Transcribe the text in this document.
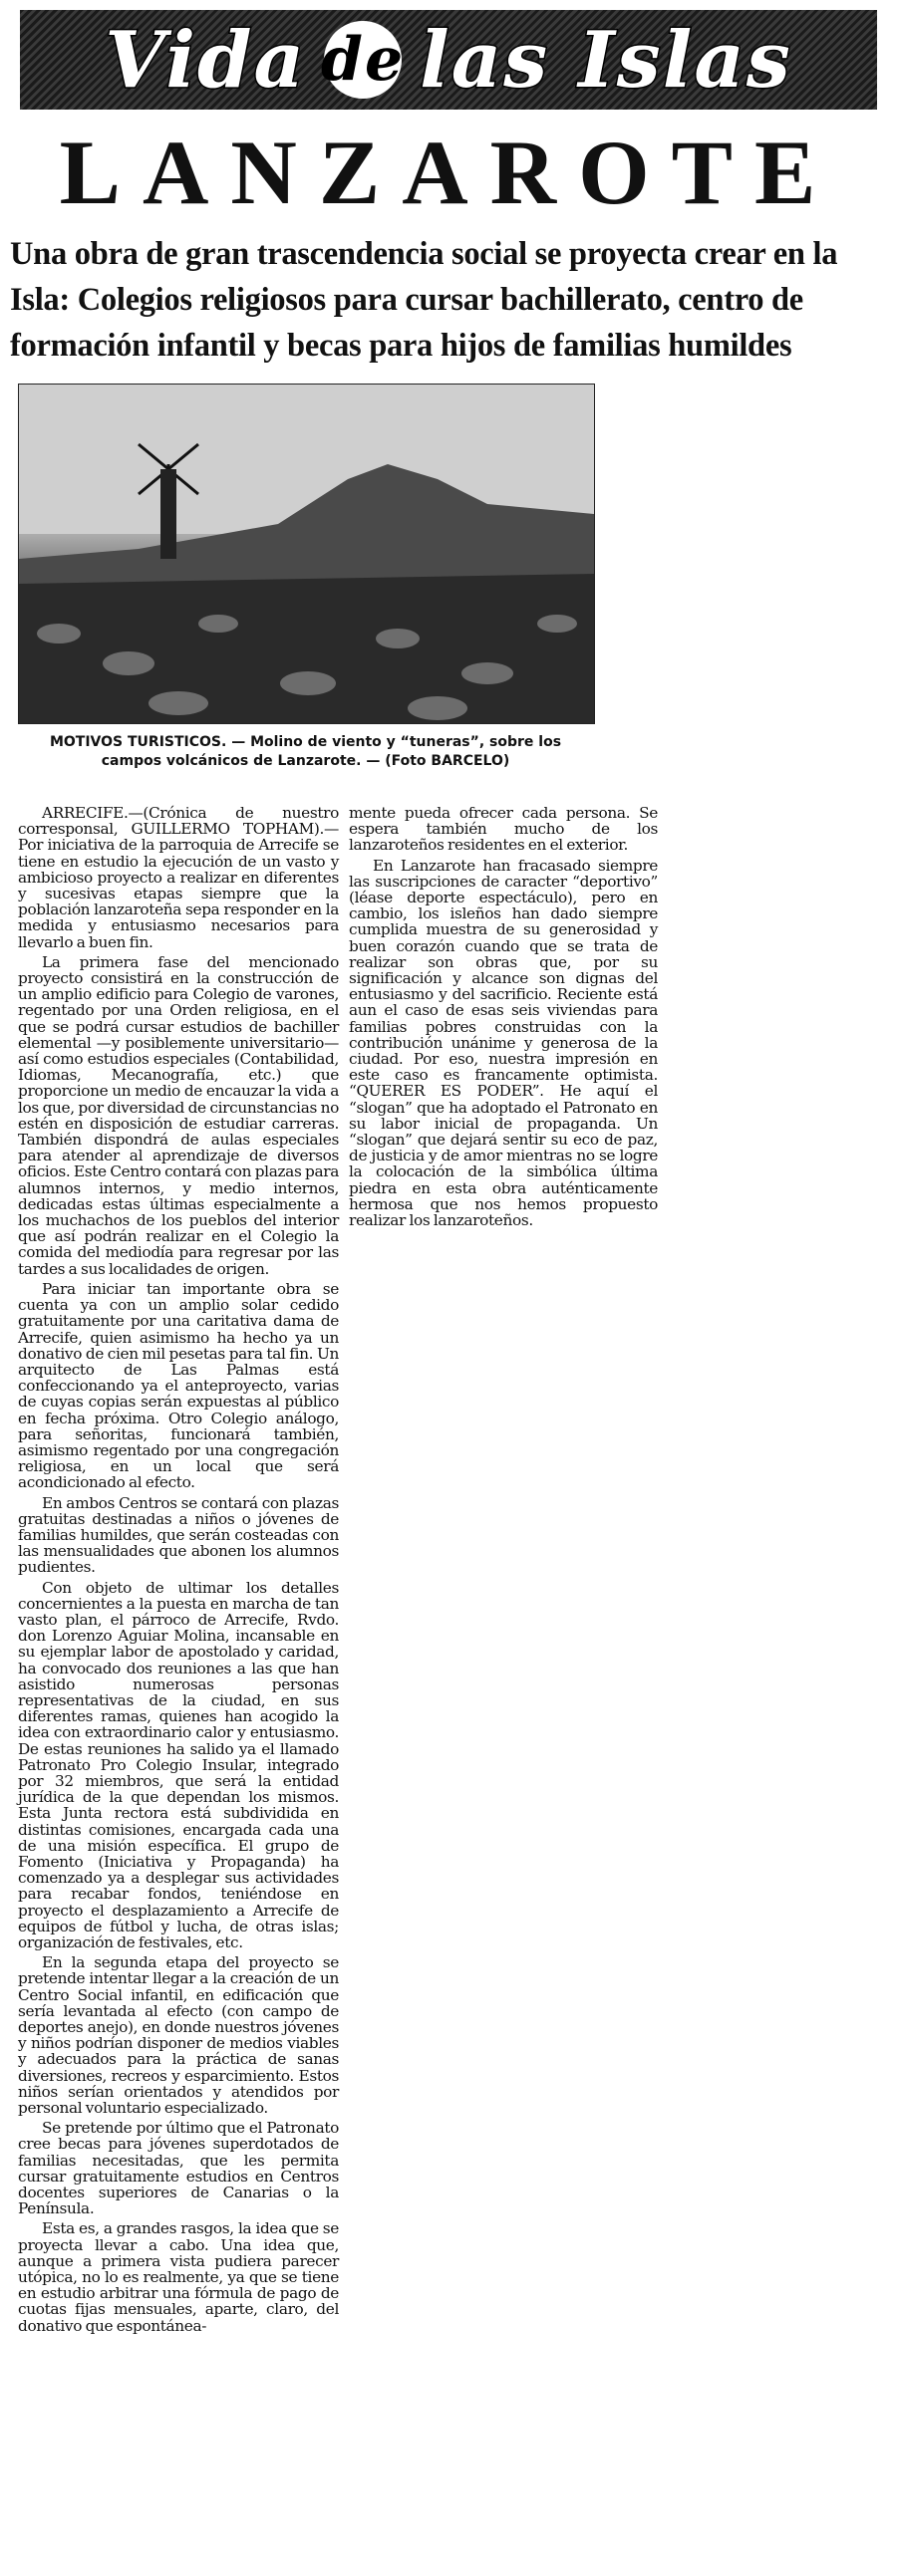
Vida de las Islas
LANZAROTE
Una obra de gran trascendencia social se proyecta crear en la Isla: Colegios religiosos para cursar bachillerato, centro de formación infantil y becas para hijos de familias humildes

MOTIVOS TURISTICOS. — Molino de viento y “tuneras”, sobre los campos volcánicos de Lanzarote. — (Foto BARCELO)

ARRECIFE.—(Crónica de nuestro corresponsal, GUILLERMO TOPHAM).—Por iniciativa de la parroquia de Arrecife se tiene en estudio la ejecución de un vasto y ambicioso proyecto a realizar en diferentes y sucesivas etapas siempre que la población lanzaroteña sepa responder en la medida y entusiasmo necesarios para llevarlo a buen fin.

La primera fase del mencionado proyecto consistirá en la construcción de un amplio edificio para Colegio de varones, regentado por una Orden religiosa, en el que se podrá cursar estudios de bachiller elemental —y posiblemente universitario— así como estudios especiales (Contabilidad, Idiomas, Mecanografía, etc.) que proporcione un medio de encauzar la vida a los que, por diversidad de circunstancias no estén en disposición de estudiar carreras. También dispondrá de aulas especiales para atender al aprendizaje de diversos oficios. Este Centro contará con plazas para alumnos internos, y medio internos, dedicadas estas últimas especialmente a los muchachos de los pueblos del interior que así podrán realizar en el Colegio la comida del mediodía para regresar por las tardes a sus localidades de origen.

Para iniciar tan importante obra se cuenta ya con un amplio solar cedido gratuitamente por una caritativa dama de Arrecife, quien asimismo ha hecho ya un donativo de cien mil pesetas para tal fin. Un arquitecto de Las Palmas está confeccionando ya el anteproyecto, varias de cuyas copias serán expuestas al público en fecha próxima. Otro Colegio análogo, para señoritas, funcionará también, asimismo regentado por una congregación religiosa, en un local que será acondicionado al efecto.

En ambos Centros se contará con plazas gratuitas destinadas a niños o jóvenes de familias humildes, que serán costeadas con las mensualidades que abonen los alumnos pudientes.

Con objeto de ultimar los detalles concernientes a la puesta en marcha de tan vasto plan, el párroco de Arrecife, Rvdo. don Lorenzo Aguiar Molina, incansable en su ejemplar labor de apostolado y caridad, ha convocado dos reuniones a las que han asistido numerosas personas representativas de la ciudad, en sus diferentes ramas, quienes han acogido la idea con extraordinario calor y entusiasmo. De estas reuniones ha salido ya el llamado Patronato Pro Colegio Insular, integrado por 32 miembros, que será la entidad jurídica de la que dependan los mismos. Esta Junta rectora está subdividida en distintas comisiones, encargada cada una de una misión específica. El grupo de Fomento (Iniciativa y Propaganda) ha comenzado ya a desplegar sus actividades para recabar fondos, teniéndose en proyecto el desplazamiento a Arrecife de equipos de fútbol y lucha, de otras islas; organización de festivales, etc.

En la segunda etapa del proyecto se pretende intentar llegar a la creación de un Centro Social infantil, en edificación que sería levantada al efecto (con campo de deportes anejo), en donde nuestros jóvenes y niños podrían disponer de medios viables y adecuados para la práctica de sanas diversiones, recreos y esparcimiento. Estos niños serían orientados y atendidos por personal voluntario especializado.

Se pretende por último que el Patronato cree becas para jóvenes superdotados de familias necesitadas, que les permita cursar gratuitamente estudios en Centros docentes superiores de Canarias o la Península.

Esta es, a grandes rasgos, la idea que se proyecta llevar a cabo. Una idea que, aunque a primera vista pudiera parecer utópica, no lo es realmente, ya que se tiene en estudio arbitrar una fórmula de pago de cuotas fijas mensuales, aparte, claro, del donativo que espontánea-

mente pueda ofrecer cada persona. Se espera también mucho de los lanzaroteños residentes en el exterior.

En Lanzarote han fracasado siempre las suscripciones de caracter “deportivo” (léase deporte espectáculo), pero en cambio, los isleños han dado siempre cumplida muestra de su generosidad y buen corazón cuando que se trata de realizar son obras que, por su significación y alcance son dignas del entusiasmo y del sacrificio. Reciente está aun el caso de esas seis viviendas para familias pobres construidas con la contribución unánime y generosa de la ciudad. Por eso, nuestra impresión en este caso es francamente optimista. “QUERER ES PODER”. He aquí el “slogan” que ha adoptado el Patronato en su labor inicial de propaganda. Un “slogan” que dejará sentir su eco de paz, de justicia y de amor mientras no se logre la colocación de la simbólica última piedra en esta obra auténticamente hermosa que nos hemos propuesto realizar los lanzaroteños.
